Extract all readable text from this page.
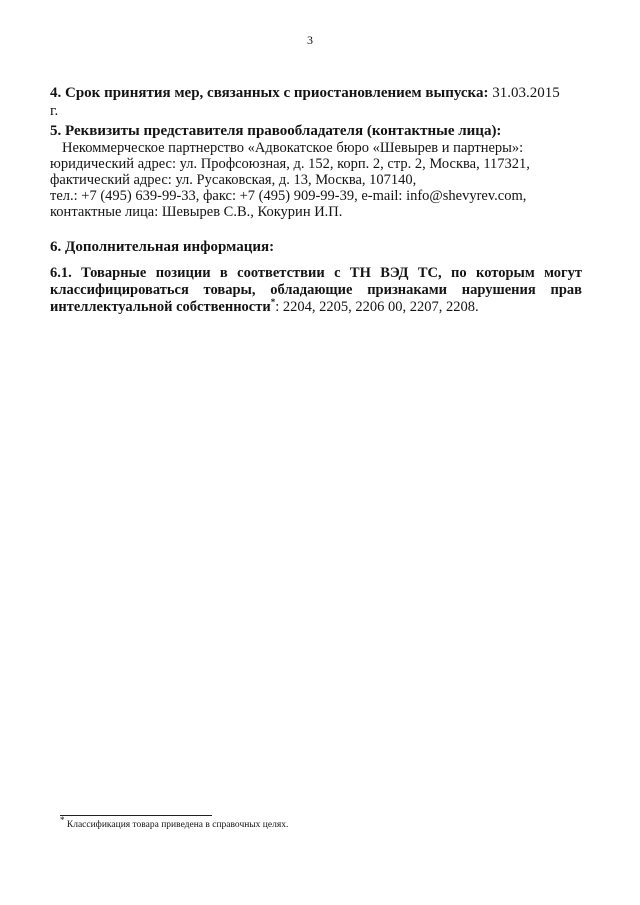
3
4. Срок принятия мер, связанных с приостановлением выпуска: 31.03.2015 г.
5. Реквизиты представителя правообладателя (контактные лица):
Некоммерческое партнерство «Адвокатское бюро «Шевырев и партнеры»:
юридический адрес: ул. Профсоюзная, д. 152, корп. 2, стр. 2, Москва, 117321,
фактический адрес: ул. Русаковская, д. 13, Москва, 107140,
тел.: +7 (495) 639-99-33, факс: +7 (495) 909-99-39, e-mail: info@shevyrev.com,
контактные лица: Шевырев С.В., Кокурин И.П.
6. Дополнительная информация:
6.1. Товарные позиции в соответствии с ТН ВЭД ТС, по которым могут
классифицироваться товары, обладающие признаками нарушения прав
интеллектуальной собственности*: 2204, 2205, 2206 00, 2207, 2208.
* Классификация товара приведена в справочных целях.
